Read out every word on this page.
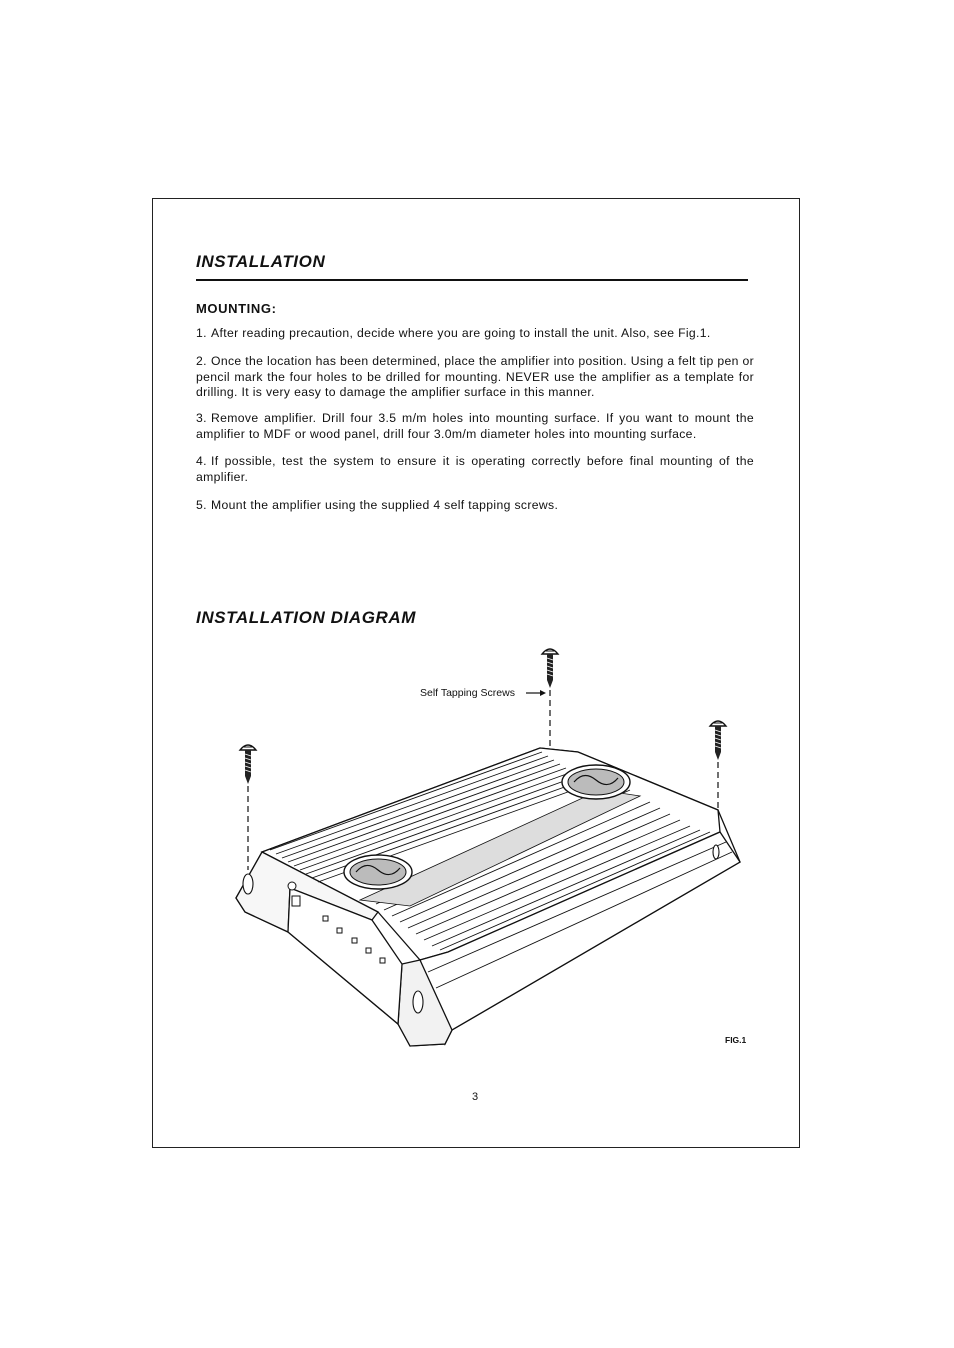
INSTALLATION
MOUNTING:
1. After reading precaution, decide where you are going to install the unit. Also, see Fig.1.
2. Once the location has been determined, place the amplifier into position. Using a felt tip pen or pencil mark the four holes to be drilled for mounting. NEVER use the amplifier as a template for drilling. It is very easy to damage the amplifier surface in this manner.
3. Remove amplifier. Drill four 3.5 m/m holes into mounting surface. If you want to mount the amplifier to MDF or wood panel, drill four 3.0m/m diameter holes into mounting surface.
4. If possible, test the system to ensure it is operating correctly before final mounting of the amplifier.
5. Mount the amplifier using the supplied 4 self tapping screws.
INSTALLATION DIAGRAM
Self Tapping Screws
FIG.1
3
